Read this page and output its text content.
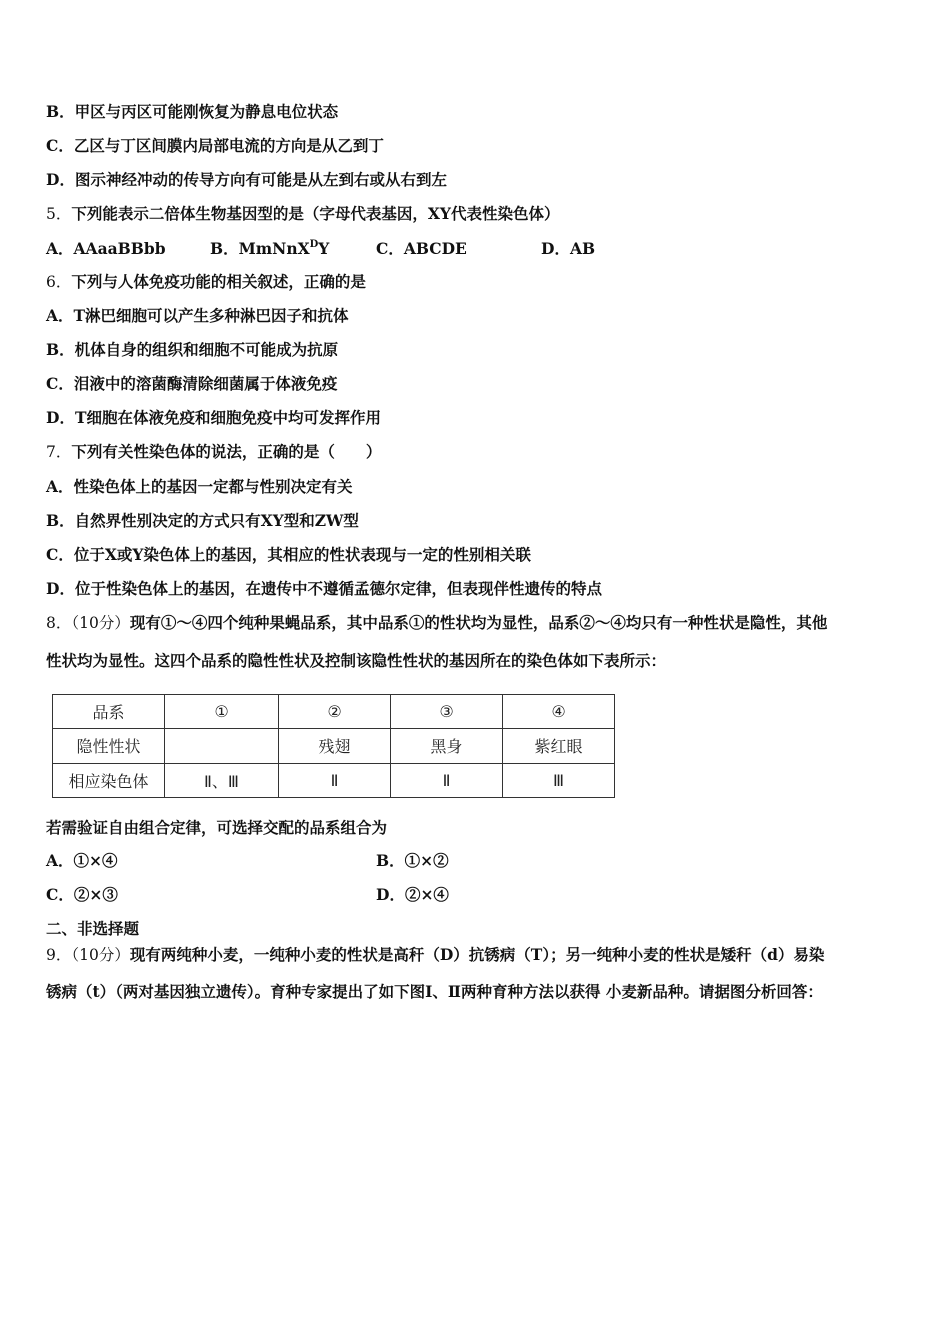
B．甲区与丙区可能刚恢复为静息电位状态
C．乙区与丁区间膜内局部电流的方向是从乙到丁
D．图示神经冲动的传导方向有可能是从左到右或从右到左
5．下列能表示二倍体生物基因型的是（字母代表基因，XY代表性染色体）
A．AAaaBBbb	B．MmNnX$^D$Y	C．ABCDE	D．AB
6．下列与人体免疫功能的相关叙述，正确的是
A．T淋巴细胞可以产生多种淋巴因子和抗体
B．机体自身的组织和细胞不可能成为抗原
C．泪液中的溶菌酶清除细菌属于体液免疫
D．T细胞在体液免疫和细胞免疫中均可发挥作用
7．下列有关性染色体的说法，正确的是（　　）
A．性染色体上的基因一定都与性别决定有关
B．自然界性别决定的方式只有XY型和ZW型
C．位于X或Y染色体上的基因，其相应的性状表现与一定的性别相关联
D．位于性染色体上的基因，在遗传中不遵循孟德尔定律，但表现伴性遗传的特点
8．（10分）现有①～④四个纯种果蝇品系，其中品系①的性状均为显性，品系②～④均只有一种性状是隐性，其他
性状均为显性。这四个品系的隐性性状及控制该隐性性状的基因所在的染色体如下表所示：
品系	①	②	③	④
隐性性状		残翅	黑身	紫红眼
相应染色体	Ⅱ、Ⅲ	Ⅱ	Ⅱ	Ⅲ
若需验证自由组合定律，可选择交配的品系组合为
A．①×④	B．①×②
C．②×③	D．②×④
二、非选择题
9．（10分）现有两纯种小麦，一纯种小麦的性状是高秆（D）抗锈病（T）；另一纯种小麦的性状是矮秆（d）易染
锈病（t）（两对基因独立遗传）。育种专家提出了如下图Ⅰ、Ⅱ两种育种方法以获得 小麦新品种。请据图分析回答：
